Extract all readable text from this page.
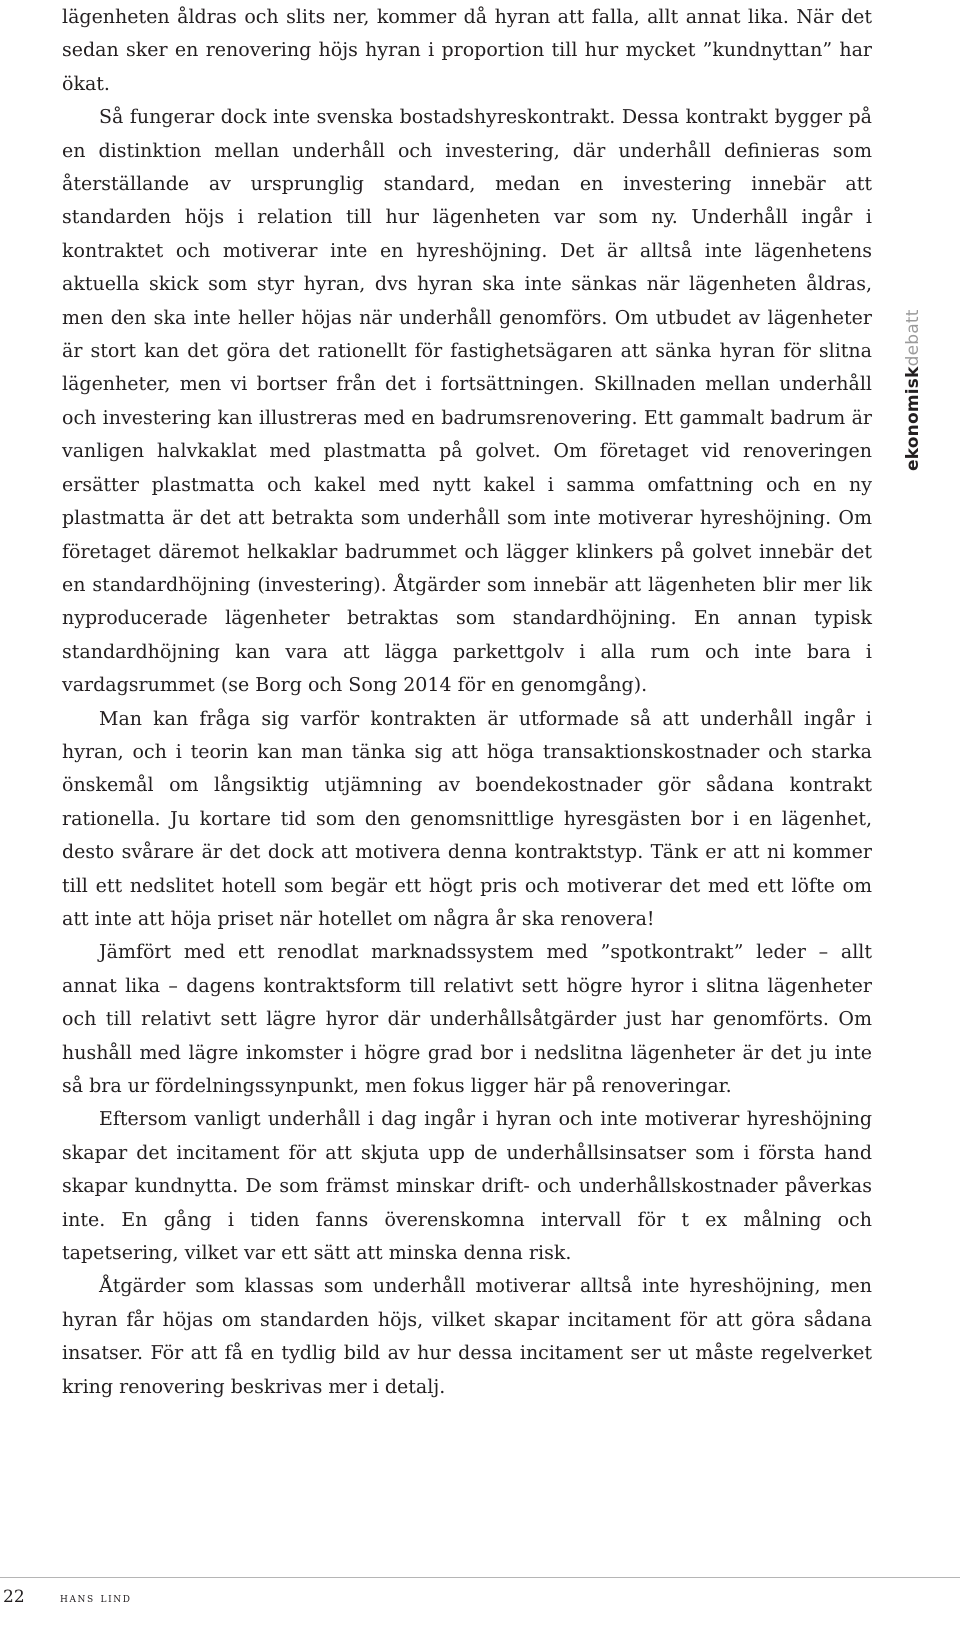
lägenheten åldras och slits ner, kommer då hyran att falla, allt annat lika. När det sedan sker en renovering höjs hyran i proportion till hur mycket ”kundnyttan” har ökat.

Så fungerar dock inte svenska bostadshyreskontrakt. Dessa kontrakt bygger på en distinktion mellan underhåll och investering, där underhåll definieras som återställande av ursprunglig standard, medan en investering innebär att standarden höjs i relation till hur lägenheten var som ny. Underhåll ingår i kontraktet och motiverar inte en hyreshöjning. Det är alltså inte lägenhetens aktuella skick som styr hyran, dvs hyran ska inte sänkas när lägenheten åldras, men den ska inte heller höjas när underhåll genomförs. Om utbudet av lägenheter är stort kan det göra det rationellt för fastighetsägaren att sänka hyran för slitna lägenheter, men vi bortser från det i fortsättningen. Skillnaden mellan underhåll och investering kan illustreras med en badrumsrenovering. Ett gammalt badrum är vanligen halvkaklat med plastmatta på golvet. Om företaget vid renoveringen ersätter plastmatta och kakel med nytt kakel i samma omfattning och en ny plastmatta är det att betrakta som underhåll som inte motiverar hyreshöjning. Om företaget däremot helkaklar badrummet och lägger klinkers på golvet innebär det en standardhöjning (investering). Åtgärder som innebär att lägenheten blir mer lik nyproducerade lägenheter betraktas som standardhöjning. En annan typisk standardhöjning kan vara att lägga parkettgolv i alla rum och inte bara i vardagsrummet (se Borg och Song 2014 för en genomgång).

Man kan fråga sig varför kontrakten är utformade så att underhåll ingår i hyran, och i teorin kan man tänka sig att höga transaktionskostnader och starka önskemål om långsiktig utjämning av boendekostnader gör sådana kontrakt rationella. Ju kortare tid som den genomsnittlige hyresgästen bor i en lägenhet, desto svårare är det dock att motivera denna kontraktstyp. Tänk er att ni kommer till ett nedslitet hotell som begär ett högt pris och motiverar det med ett löfte om att inte att höja priset när hotellet om några år ska renovera!

Jämfört med ett renodlat marknadssystem med ”spotkontrakt” leder – allt annat lika – dagens kontraktsform till relativt sett högre hyror i slitna lägenheter och till relativt sett lägre hyror där underhållsåtgärder just har genomförts. Om hushåll med lägre inkomster i högre grad bor i nedslitna lägenheter är det ju inte så bra ur fördelningssynpunkt, men fokus ligger här på renoveringar.

Eftersom vanligt underhåll i dag ingår i hyran och inte motiverar hyreshöjning skapar det incitament för att skjuta upp de underhållsinsatser som i första hand skapar kundnytta. De som främst minskar drift- och underhållskostnader påverkas inte. En gång i tiden fanns överenskomna intervall för t ex målning och tapetsering, vilket var ett sätt att minska denna risk.

Åtgärder som klassas som underhåll motiverar alltså inte hyreshöjning, men hyran får höjas om standarden höjs, vilket skapar incitament för att göra sådana insatser. För att få en tydlig bild av hur dessa incitament ser ut måste regelverket kring renovering beskrivas mer i detalj.

ekonomiskdebatt
22	hans lind
